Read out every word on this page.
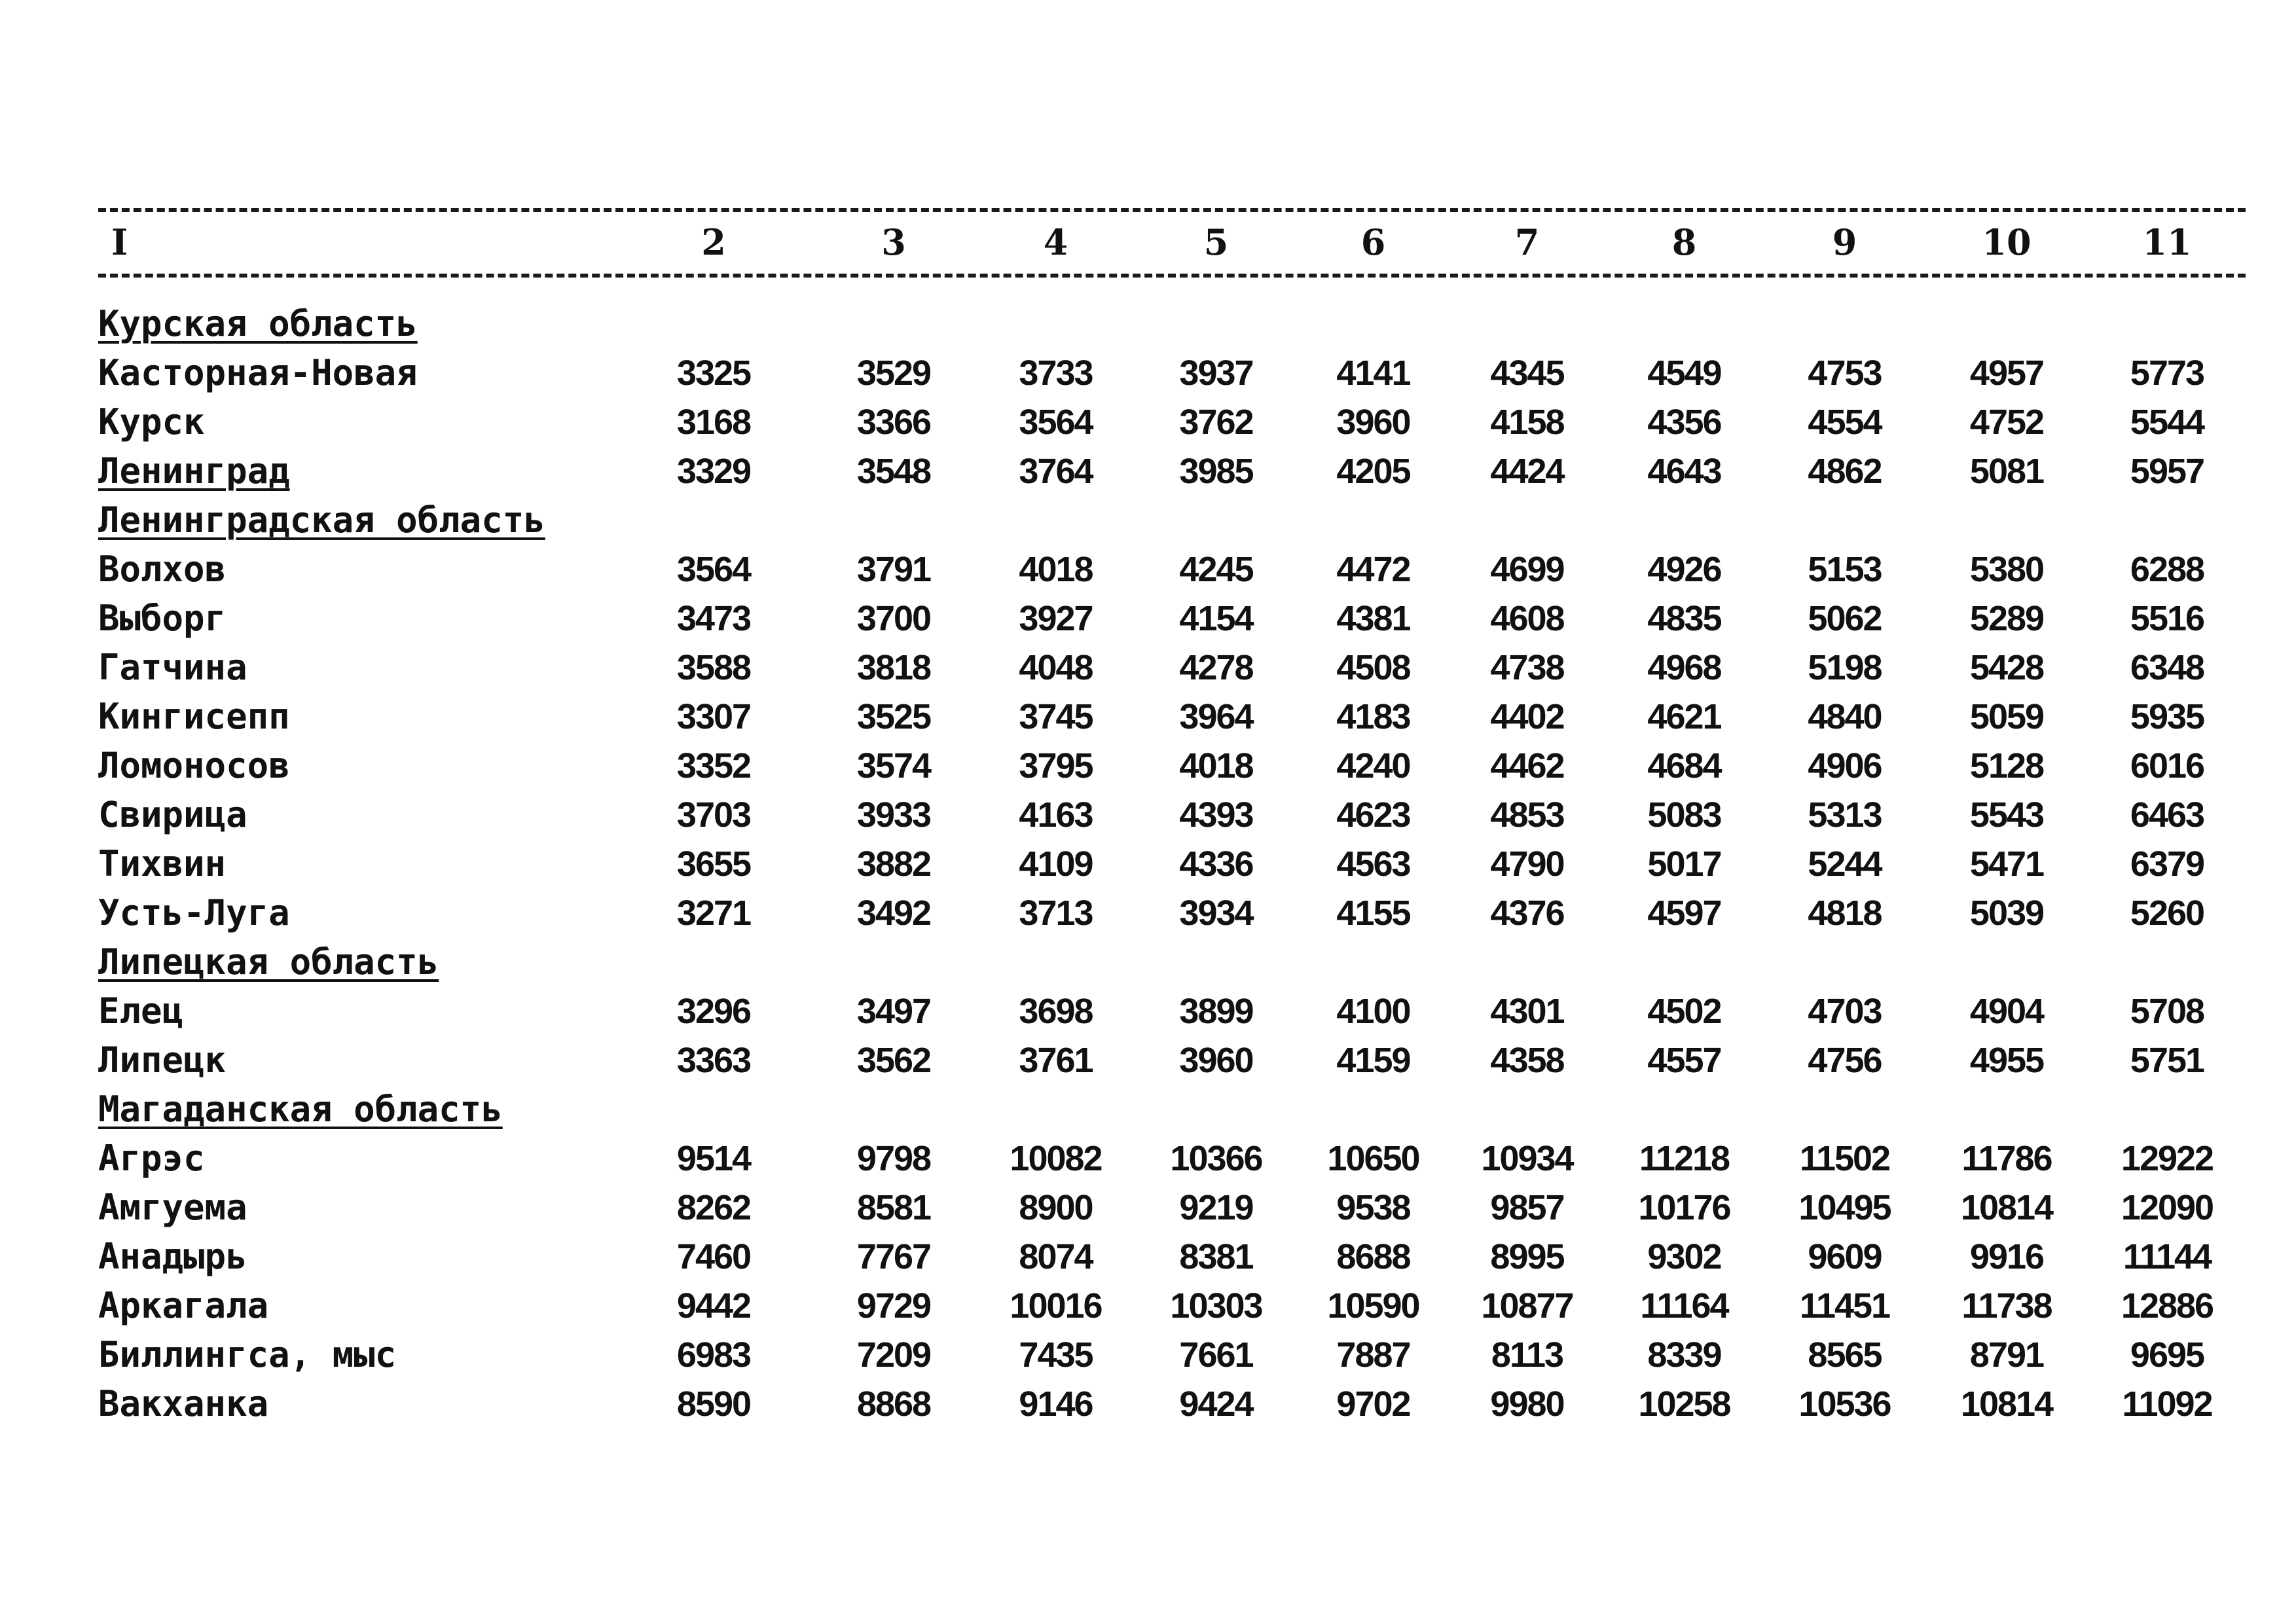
I	2	3	4	5	6	7	8	9	10	11

Курская область										
Касторная-Новая	3325	3529	3733	3937	4141	4345	4549	4753	4957	5773
Курск	3168	3366	3564	3762	3960	4158	4356	4554	4752	5544
Ленинград	3329	3548	3764	3985	4205	4424	4643	4862	5081	5957
Ленинградская область										
Волхов	3564	3791	4018	4245	4472	4699	4926	5153	5380	6288
Выборг	3473	3700	3927	4154	4381	4608	4835	5062	5289	5516
Гатчина	3588	3818	4048	4278	4508	4738	4968	5198	5428	6348
Кингисепп	3307	3525	3745	3964	4183	4402	4621	4840	5059	5935
Ломоносов	3352	3574	3795	4018	4240	4462	4684	4906	5128	6016
Свирица	3703	3933	4163	4393	4623	4853	5083	5313	5543	6463
Тихвин	3655	3882	4109	4336	4563	4790	5017	5244	5471	6379
Усть-Луга	3271	3492	3713	3934	4155	4376	4597	4818	5039	5260
Липецкая область										
Елец	3296	3497	3698	3899	4100	4301	4502	4703	4904	5708
Липецк	3363	3562	3761	3960	4159	4358	4557	4756	4955	5751
Магаданская область										
Агрэс	9514	9798	10082	10366	10650	10934	11218	11502	11786	12922
Амгуема	8262	8581	8900	9219	9538	9857	10176	10495	10814	12090
Анадырь	7460	7767	8074	8381	8688	8995	9302	9609	9916	11144
Аркагала	9442	9729	10016	10303	10590	10877	11164	11451	11738	12886
Биллингса, мыс	6983	7209	7435	7661	7887	8113	8339	8565	8791	9695
Вакханка	8590	8868	9146	9424	9702	9980	10258	10536	10814	11092
